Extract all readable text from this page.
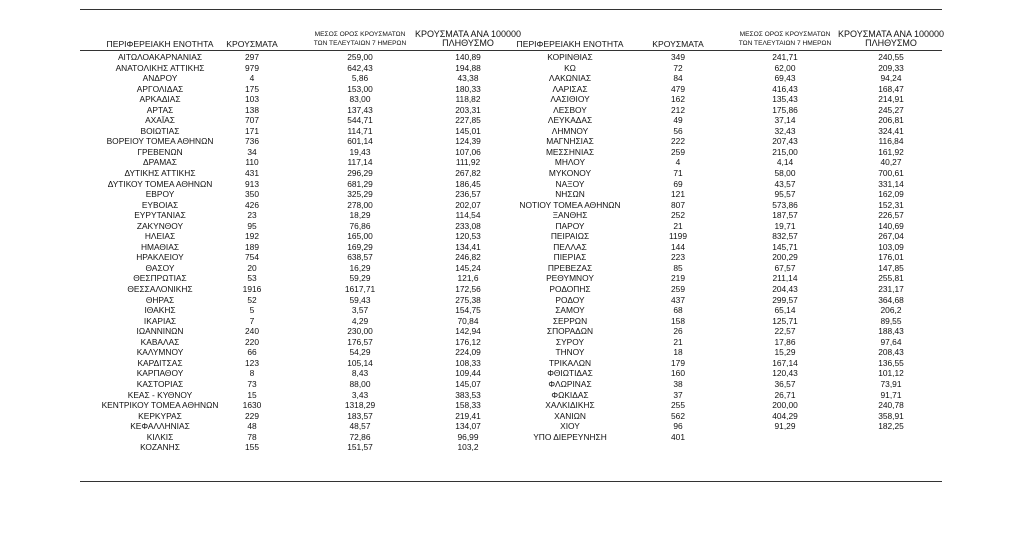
ΠΕΡΙΦΕΡΕΙΑΚΗ ΕΝΟΤΗΤΑ	ΚΡΟΥΣΜΑΤΑ
ΜΕΣΟΣ ΟΡΟΣ ΚΡΟΥΣΜΑΤΩΝ
ΤΩΝ ΤΕΛΕΥΤΑΙΩΝ 7 ΗΜΕΡΩΝ
ΚΡΟΥΣΜΑΤΑ ΑΝΑ 100000
ΠΛΗΘΥΣΜΟ	ΠΕΡΙΦΕΡΕΙΑΚΗ ΕΝΟΤΗΤΑ	ΚΡΟΥΣΜΑΤΑ
ΜΕΣΟΣ ΟΡΟΣ ΚΡΟΥΣΜΑΤΩΝ
ΤΩΝ ΤΕΛΕΥΤΑΙΩΝ 7 ΗΜΕΡΩΝ
ΚΡΟΥΣΜΑΤΑ ΑΝΑ 100000
ΠΛΗΘΥΣΜΟ
ΑΙΤΩΛΟΑΚΑΡΝΑΝΙΑΣ	297	259,00	140,89
ΑΝΑΤΟΛΙΚΗΣ ΑΤΤΙΚΗΣ	979	642,43	194,88
ΑΝΔΡΟΥ	4	5,86	43,38
ΑΡΓΟΛΙΔΑΣ	175	153,00	180,33
ΑΡΚΑΔΙΑΣ	103	83,00	118,82
ΑΡΤΑΣ	138	137,43	203,31
ΑΧΑΪΑΣ	707	544,71	227,85
ΒΟΙΩΤΙΑΣ	171	114,71	145,01
ΒΟΡΕΙΟΥ ΤΟΜΕΑ ΑΘΗΝΩΝ	736	601,14	124,39
ΓΡΕΒΕΝΩΝ	34	19,43	107,06
ΔΡΑΜΑΣ	110	117,14	111,92
ΔΥΤΙΚΗΣ ΑΤΤΙΚΗΣ	431	296,29	267,82
ΔΥΤΙΚΟΥ ΤΟΜΕΑ ΑΘΗΝΩΝ	913	681,29	186,45
ΕΒΡΟΥ	350	325,29	236,57
ΕΥΒΟΙΑΣ	426	278,00	202,07
ΕΥΡΥΤΑΝΙΑΣ	23	18,29	114,54
ΖΑΚΥΝΘΟΥ	95	76,86	233,08
ΗΛΕΙΑΣ	192	165,00	120,53
ΗΜΑΘΙΑΣ	189	169,29	134,41
ΗΡΑΚΛΕΙΟΥ	754	638,57	246,82
ΘΑΣΟΥ	20	16,29	145,24
ΘΕΣΠΡΩΤΙΑΣ	53	59,29	121,6
ΘΕΣΣΑΛΟΝΙΚΗΣ	1916	1617,71	172,56
ΘΗΡΑΣ	52	59,43	275,38
ΙΘΑΚΗΣ	5	3,57	154,75
ΙΚΑΡΙΑΣ	7	4,29	70,84
ΙΩΑΝΝΙΝΩΝ	240	230,00	142,94
ΚΑΒΑΛΑΣ	220	176,57	176,12
ΚΑΛΥΜΝΟΥ	66	54,29	224,09
ΚΑΡΔΙΤΣΑΣ	123	105,14	108,33
ΚΑΡΠΑΘΟΥ	8	8,43	109,44
ΚΑΣΤΟΡΙΑΣ	73	88,00	145,07
ΚΕΑΣ - ΚΥΘΝΟΥ	15	3,43	383,53
ΚΕΝΤΡΙΚΟΥ ΤΟΜΕΑ ΑΘΗΝΩΝ	1630	1318,29	158,33
ΚΕΡΚΥΡΑΣ	229	183,57	219,41
ΚΕΦΑΛΛΗΝΙΑΣ	48	48,57	134,07
ΚΙΛΚΙΣ	78	72,86	96,99
ΚΟΖΑΝΗΣ	155	151,57	103,2
ΚΟΡΙΝΘΙΑΣ	349	241,71	240,55
ΚΩ	72	62,00	209,33
ΛΑΚΩΝΙΑΣ	84	69,43	94,24
ΛΑΡΙΣΑΣ	479	416,43	168,47
ΛΑΣΙΘΙΟΥ	162	135,43	214,91
ΛΕΣΒΟΥ	212	175,86	245,27
ΛΕΥΚΑΔΑΣ	49	37,14	206,81
ΛΗΜΝΟΥ	56	32,43	324,41
ΜΑΓΝΗΣΙΑΣ	222	207,43	116,84
ΜΕΣΣΗΝΙΑΣ	259	215,00	161,92
ΜΗΛΟΥ	4	4,14	40,27
ΜΥΚΟΝΟΥ	71	58,00	700,61
ΝΑΞΟΥ	69	43,57	331,14
ΝΗΣΩΝ	121	95,57	162,09
ΝΟΤΙΟΥ ΤΟΜΕΑ ΑΘΗΝΩΝ	807	573,86	152,31
ΞΑΝΘΗΣ	252	187,57	226,57
ΠΑΡΟΥ	21	19,71	140,69
ΠΕΙΡΑΙΩΣ	1199	832,57	267,04
ΠΕΛΛΑΣ	144	145,71	103,09
ΠΙΕΡΙΑΣ	223	200,29	176,01
ΠΡΕΒΕΖΑΣ	85	67,57	147,85
ΡΕΘΥΜΝΟΥ	219	211,14	255,81
ΡΟΔΟΠΗΣ	259	204,43	231,17
ΡΟΔΟΥ	437	299,57	364,68
ΣΑΜΟΥ	68	65,14	206,2
ΣΕΡΡΩΝ	158	125,71	89,55
ΣΠΟΡΑΔΩΝ	26	22,57	188,43
ΣΥΡΟΥ	21	17,86	97,64
ΤΗΝΟΥ	18	15,29	208,43
ΤΡΙΚΑΛΩΝ	179	167,14	136,55
ΦΘΙΩΤΙΔΑΣ	160	120,43	101,12
ΦΛΩΡΙΝΑΣ	38	36,57	73,91
ΦΩΚΙΔΑΣ	37	26,71	91,71
ΧΑΛΚΙΔΙΚΗΣ	255	200,00	240,78
ΧΑΝΙΩΝ	562	404,29	358,91
ΧΙΟΥ	96	91,29	182,25
ΥΠΟ ΔΙΕΡΕΥΝΗΣΗ	401
